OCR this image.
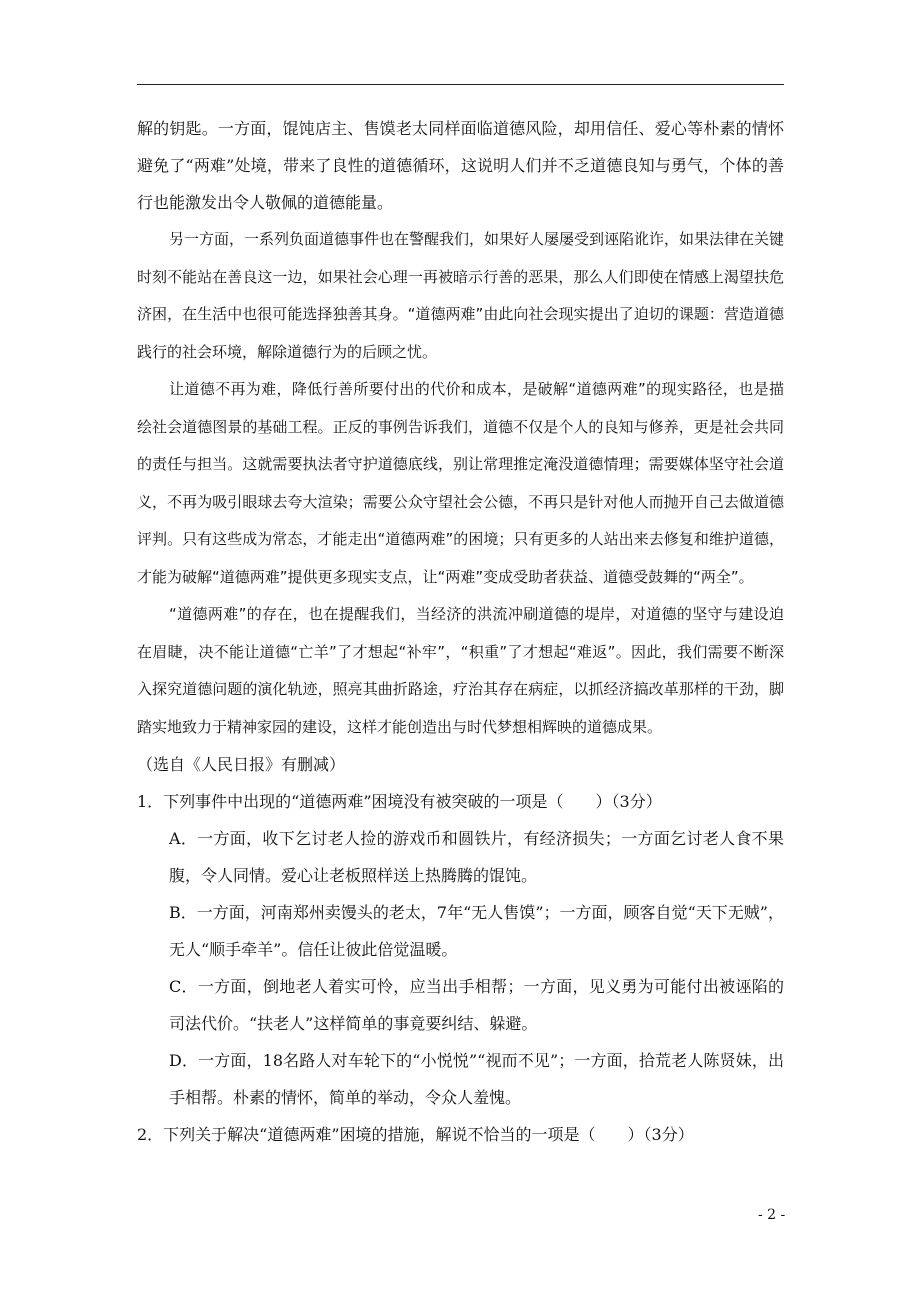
解的钥匙。一方面，馄饨店主、售馍老太同样面临道德风险，却用信任、爱心等朴素的情怀避免了“两难”处境，带来了良性的道德循环，这说明人们并不乏道德良知与勇气，个体的善行也能激发出令人敬佩的道德能量。

另一方面，一系列负面道德事件也在警醒我们，如果好人屡屡受到诬陷讹诈，如果法律在关键时刻不能站在善良这一边，如果社会心理一再被暗示行善的恶果，那么人们即使在情感上渴望扶危济困，在生活中也很可能选择独善其身。“道德两难”由此向社会现实提出了迫切的课题：营造道德践行的社会环境，解除道德行为的后顾之忧。

让道德不再为难，降低行善所要付出的代价和成本，是破解“道德两难”的现实路径，也是描绘社会道德图景的基础工程。正反的事例告诉我们，道德不仅是个人的良知与修养，更是社会共同的责任与担当。这就需要执法者守护道德底线，别让常理推定淹没道德情理；需要媒体坚守社会道义，不再为吸引眼球去夸大渲染；需要公众守望社会公德，不再只是针对他人而抛开自己去做道德评判。只有这些成为常态，才能走出“道德两难”的困境；只有更多的人站出来去修复和维护道德，才能为破解“道德两难”提供更多现实支点，让“两难”变成受助者获益、道德受鼓舞的“两全”。

“道德两难”的存在，也在提醒我们，当经济的洪流冲刷道德的堤岸，对道德的坚守与建设迫在眉睫，决不能让道德“亡羊”了才想起“补牢”，“积重”了才想起“难返”。因此，我们需要不断深入探究道德问题的演化轨迹，照亮其曲折路途，疗治其存在病症，以抓经济搞改革那样的干劲，脚踏实地致力于精神家园的建设，这样才能创造出与时代梦想相辉映的道德成果。

（选自《人民日报》有删减）

1．下列事件中出现的“道德两难”困境没有被突破的一项是（　　）（3分）

A．一方面，收下乞讨老人捡的游戏币和圆铁片，有经济损失；一方面乞讨老人食不果腹，令人同情。爱心让老板照样送上热腾腾的馄饨。

B．一方面，河南郑州卖馒头的老太，7年“无人售馍”；一方面，顾客自觉“天下无贼”，无人“顺手牵羊”。信任让彼此倍觉温暖。

C．一方面，倒地老人着实可怜，应当出手相帮；一方面，见义勇为可能付出被诬陷的司法代价。“扶老人”这样简单的事竟要纠结、躲避。

D．一方面，18名路人对车轮下的“小悦悦”“视而不见”；一方面，拾荒老人陈贤妹，出手相帮。朴素的情怀，简单的举动，令众人羞愧。

2．下列关于解决“道德两难”困境的措施，解说不恰当的一项是（　　）（3分）

- 2 -
